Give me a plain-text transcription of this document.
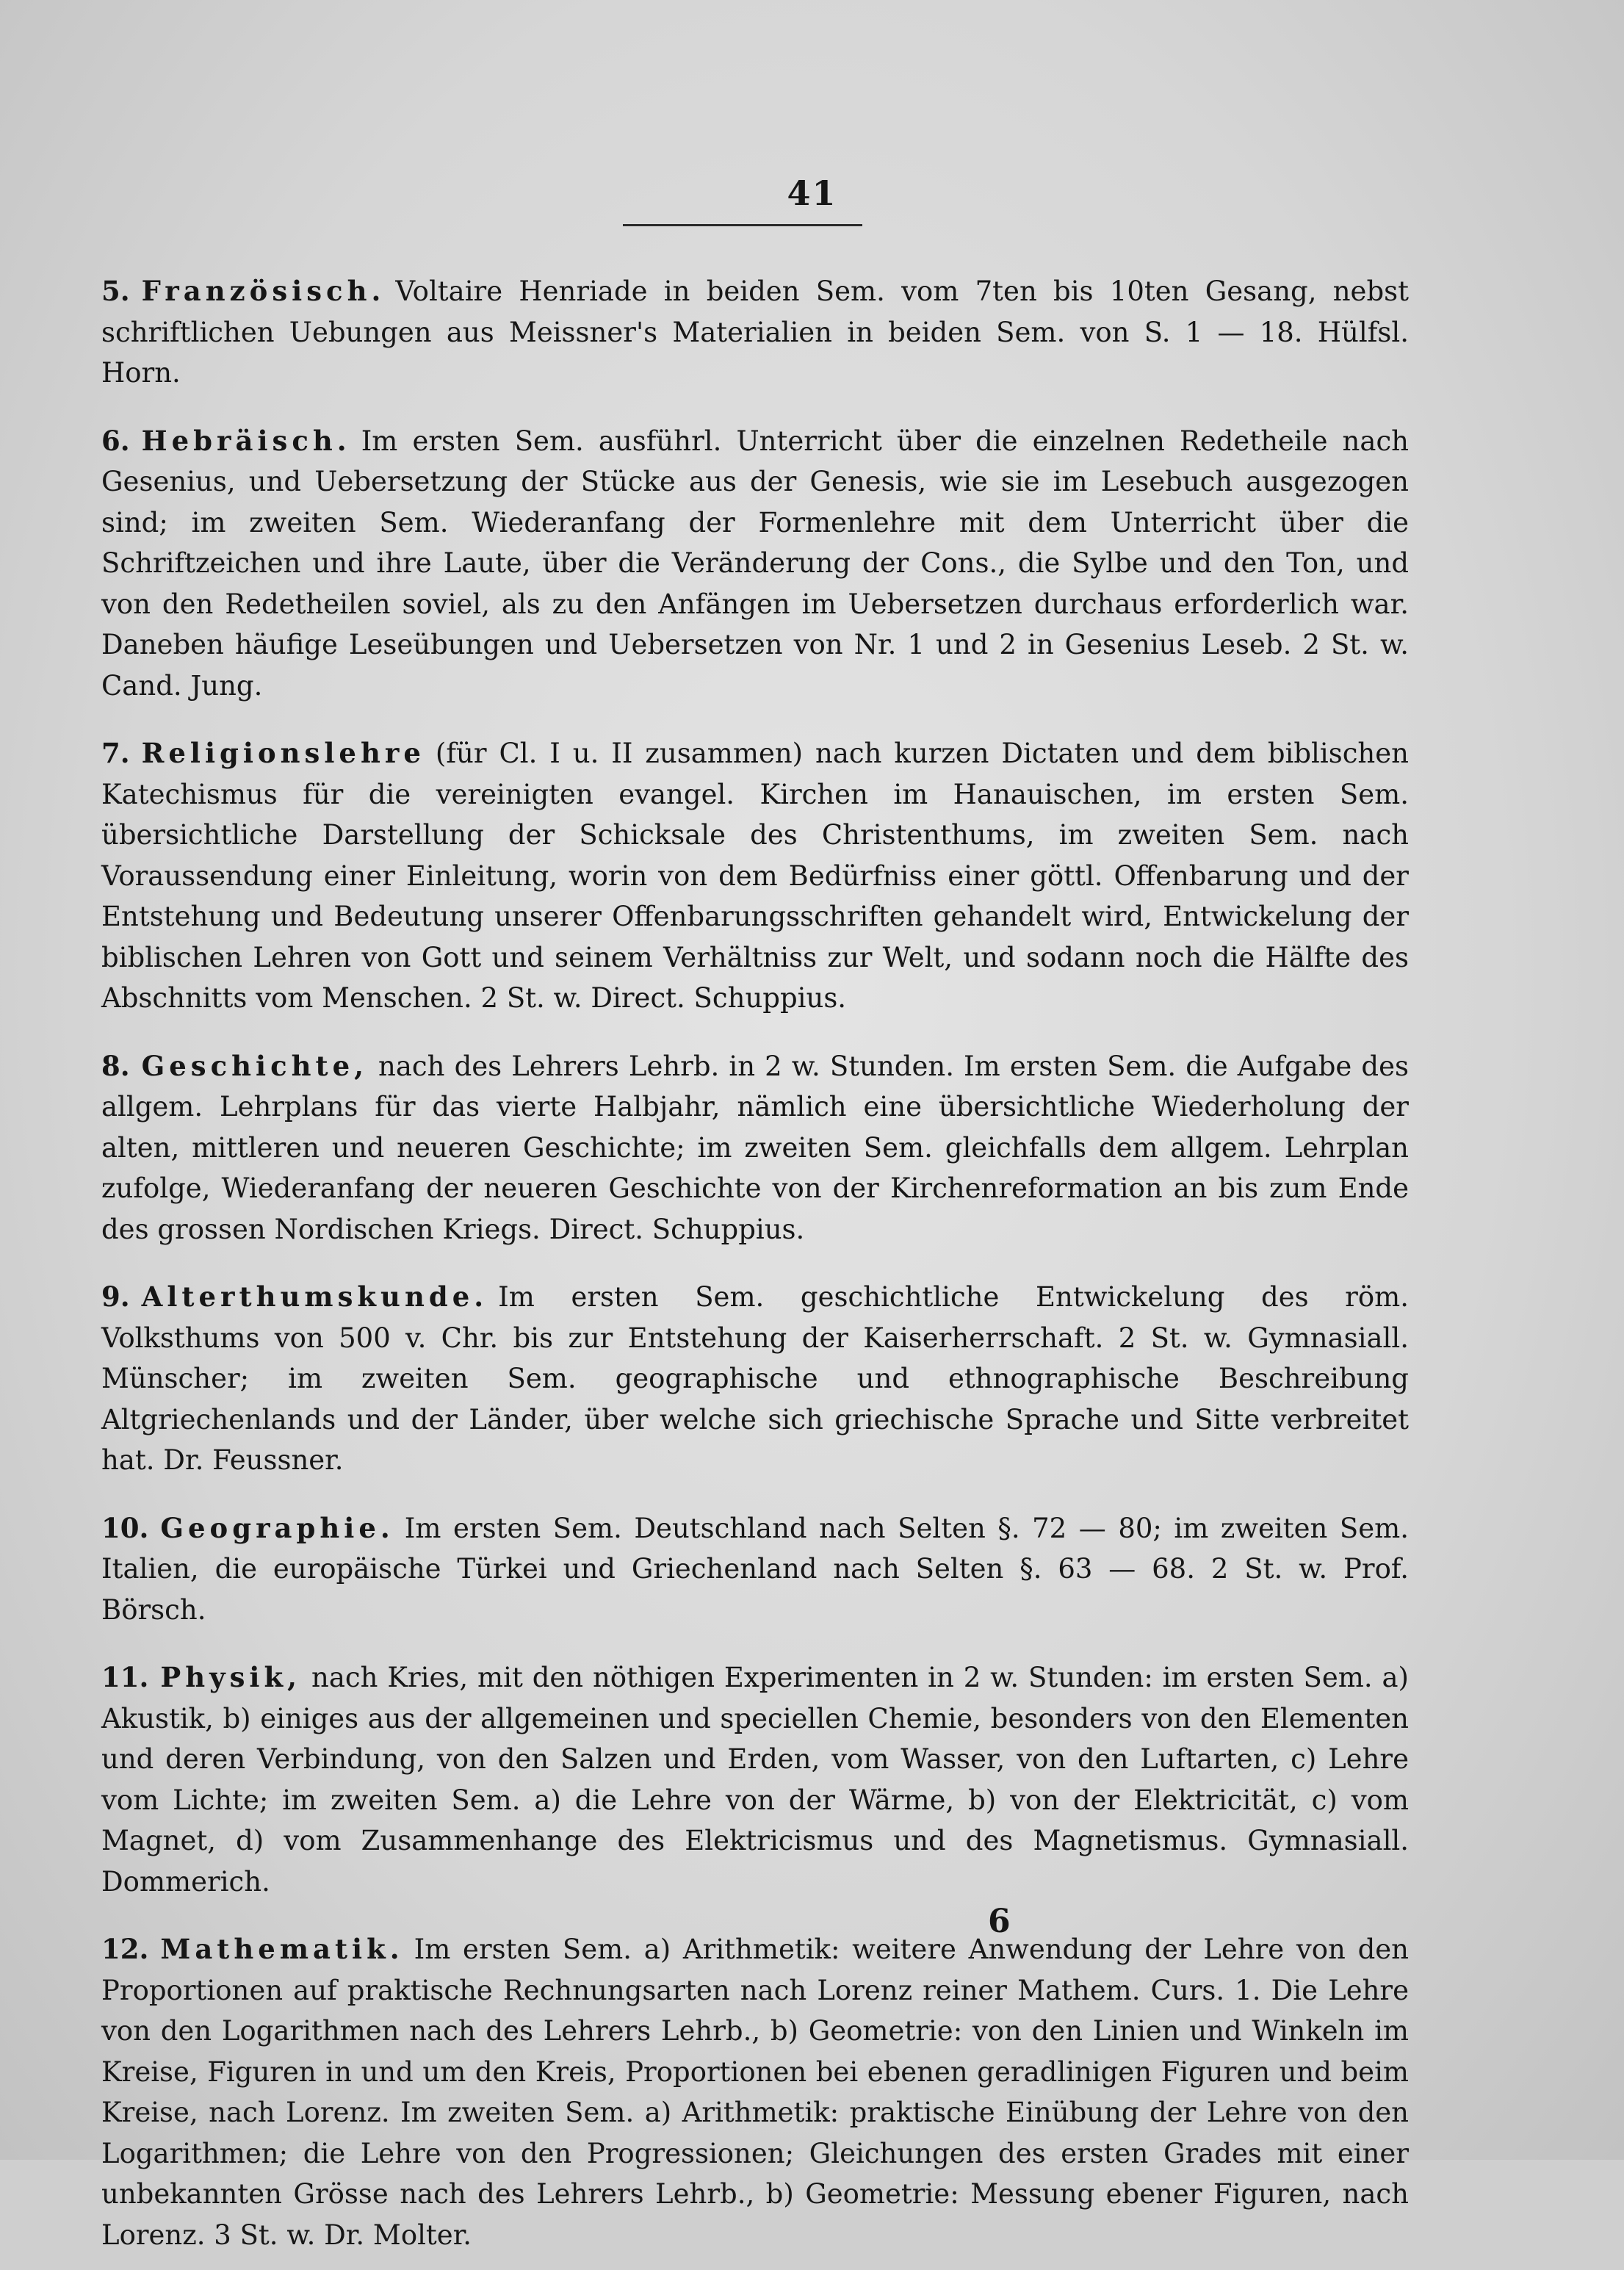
41

5. Französisch. Voltaire Henriade in beiden Sem. vom 7ten bis 10ten Gesang, nebst schriftlichen Uebungen aus Meissner's Materialien in beiden Sem. von S. 1 — 18. Hülfsl. Horn.

6. Hebräisch. Im ersten Sem. ausführl. Unterricht über die einzelnen Redetheile nach Gesenius, und Uebersetzung der Stücke aus der Genesis, wie sie im Lesebuch ausgezogen sind; im zweiten Sem. Wiederanfang der Formenlehre mit dem Unterricht über die Schriftzeichen und ihre Laute, über die Veränderung der Cons., die Sylbe und den Ton, und von den Redetheilen soviel, als zu den Anfängen im Uebersetzen durchaus erforderlich war. Daneben häufige Leseübungen und Uebersetzen von Nr. 1 und 2 in Gesenius Leseb. 2 St. w. Cand. Jung.

7. Religionslehre (für Cl. I u. II zusammen) nach kurzen Dictaten und dem biblischen Katechismus für die vereinigten evangel. Kirchen im Hanauischen, im ersten Sem. übersichtliche Darstellung der Schicksale des Christenthums, im zweiten Sem. nach Voraussendung einer Einleitung, worin von dem Bedürfniss einer göttl. Offenbarung und der Entstehung und Bedeutung unserer Offenbarungsschriften gehandelt wird, Entwickelung der biblischen Lehren von Gott und seinem Verhältniss zur Welt, und sodann noch die Hälfte des Abschnitts vom Menschen. 2 St. w. Direct. Schuppius.

8. Geschichte, nach des Lehrers Lehrb. in 2 w. Stunden. Im ersten Sem. die Aufgabe des allgem. Lehrplans für das vierte Halbjahr, nämlich eine übersichtliche Wiederholung der alten, mittleren und neueren Geschichte; im zweiten Sem. gleichfalls dem allgem. Lehrplan zufolge, Wiederanfang der neueren Geschichte von der Kirchenreformation an bis zum Ende des grossen Nordischen Kriegs. Direct. Schuppius.

9. Alterthumskunde. Im ersten Sem. geschichtliche Entwickelung des röm. Volksthums von 500 v. Chr. bis zur Entstehung der Kaiserherrschaft. 2 St. w. Gymnasiall. Münscher; im zweiten Sem. geographische und ethnographische Beschreibung Altgriechenlands und der Länder, über welche sich griechische Sprache und Sitte verbreitet hat. Dr. Feussner.

10. Geographie. Im ersten Sem. Deutschland nach Selten §. 72 — 80; im zweiten Sem. Italien, die europäische Türkei und Griechenland nach Selten §. 63 — 68. 2 St. w. Prof. Börsch.

11. Physik, nach Kries, mit den nöthigen Experimenten in 2 w. Stunden: im ersten Sem. a) Akustik, b) einiges aus der allgemeinen und speciellen Chemie, besonders von den Elementen und deren Verbindung, von den Salzen und Erden, vom Wasser, von den Luftarten, c) Lehre vom Lichte; im zweiten Sem. a) die Lehre von der Wärme, b) von der Elektricität, c) vom Magnet, d) vom Zusammenhange des Elektricismus und des Magnetismus. Gymnasiall. Dommerich.

12. Mathematik. Im ersten Sem. a) Arithmetik: weitere Anwendung der Lehre von den Proportionen auf praktische Rechnungsarten nach Lorenz reiner Mathem. Curs. 1. Die Lehre von den Logarithmen nach des Lehrers Lehrb., b) Geometrie: von den Linien und Winkeln im Kreise, Figuren in und um den Kreis, Proportionen bei ebenen geradlinigen Figuren und beim Kreise, nach Lorenz. Im zweiten Sem. a) Arithmetik: praktische Einübung der Lehre von den Logarithmen; die Lehre von den Progressionen; Gleichungen des ersten Grades mit einer unbekannten Grösse nach des Lehrers Lehrb., b) Geometrie: Messung ebener Figuren, nach Lorenz. 3 St. w. Dr. Molter.

6
